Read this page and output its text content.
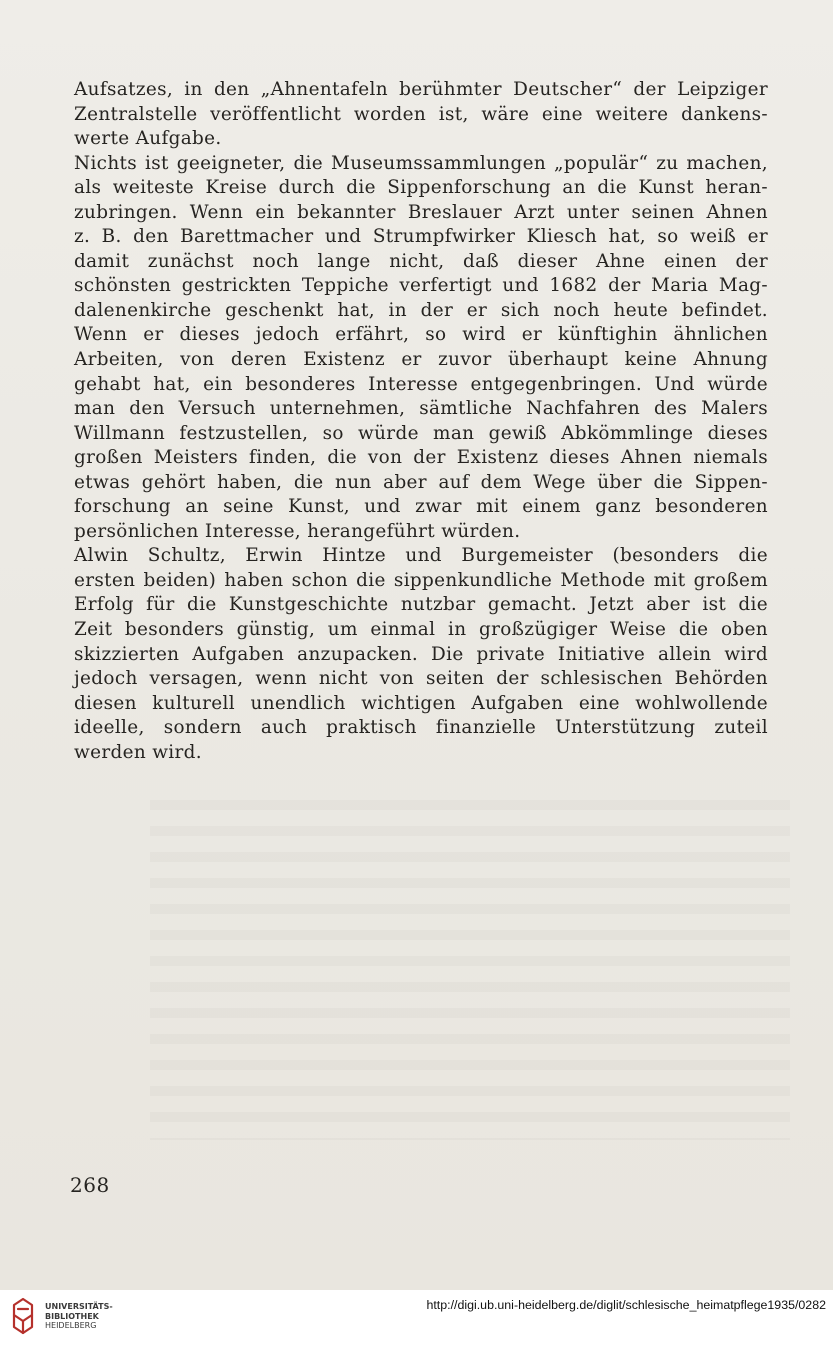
Aufsatzes, in den „Ahnentafeln berühmter Deutscher“ der Leipziger
Zentralstelle veröffentlicht worden ist, wäre eine weitere dankens-
werte Aufgabe.
Nichts ist geeigneter, die Museumssammlungen „populär“ zu machen,
als weiteste Kreise durch die Sippenforschung an die Kunst heran-
zubringen. Wenn ein bekannter Breslauer Arzt unter seinen Ahnen
z. B. den Barettmacher und Strumpfwirker Kliesch hat, so weiß er
damit zunächst noch lange nicht, daß dieser Ahne einen der
schönsten gestrickten Teppiche verfertigt und 1682 der Maria Mag-
dalenenkirche geschenkt hat, in der er sich noch heute befindet.
Wenn er dieses jedoch erfährt, so wird er künftighin ähnlichen
Arbeiten, von deren Existenz er zuvor überhaupt keine Ahnung
gehabt hat, ein besonderes Interesse entgegenbringen. Und würde
man den Versuch unternehmen, sämtliche Nachfahren des Malers
Willmann festzustellen, so würde man gewiß Abkömmlinge dieses
großen Meisters finden, die von der Existenz dieses Ahnen niemals
etwas gehört haben, die nun aber auf dem Wege über die Sippen-
forschung an seine Kunst, und zwar mit einem ganz besonderen
persönlichen Interesse, herangeführt würden.
Alwin Schultz, Erwin Hintze und Burgemeister (besonders die
ersten beiden) haben schon die sippenkundliche Methode mit großem
Erfolg für die Kunstgeschichte nutzbar gemacht. Jetzt aber ist die
Zeit besonders günstig, um einmal in großzügiger Weise die oben
skizzierten Aufgaben anzupacken. Die private Initiative allein wird
jedoch versagen, wenn nicht von seiten der schlesischen Behörden
diesen kulturell unendlich wichtigen Aufgaben eine wohlwollende
ideelle, sondern auch praktisch finanzielle Unterstützung zuteil
werden wird.
268
UNIVERSITÄTS-
BIBLIOTHEK
HEIDELBERG
http://digi.ub.uni-heidelberg.de/diglit/schlesische_heimatpflege1935/0282
